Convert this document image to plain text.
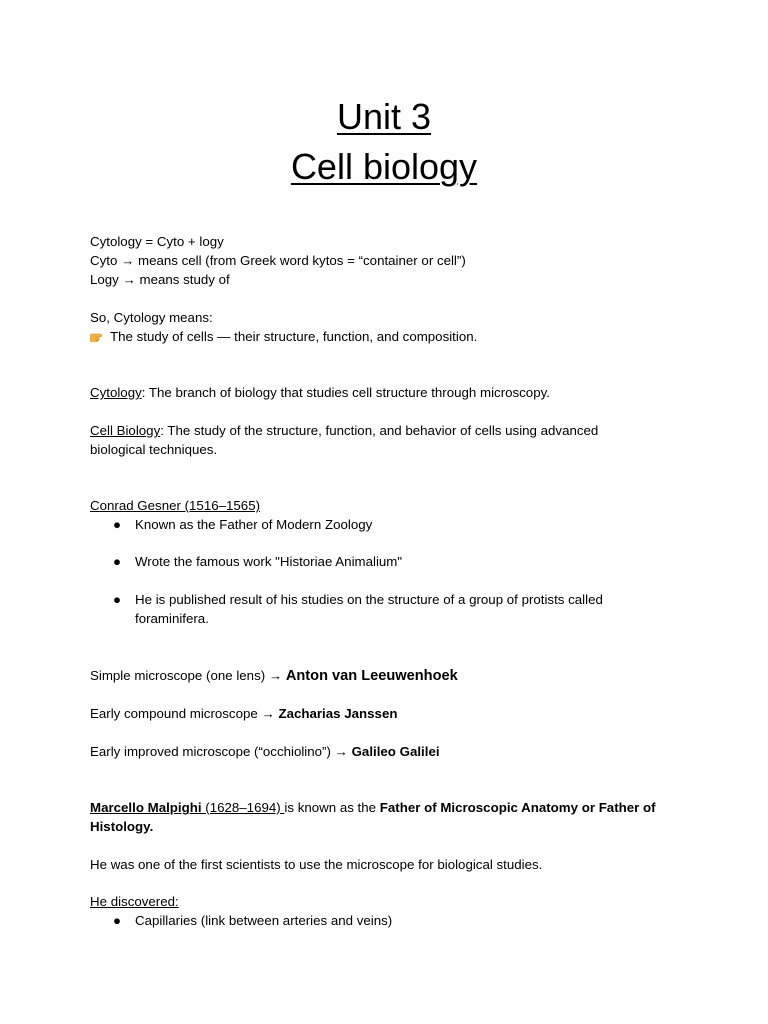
Unit 3
Cell biology
Cytology = Cyto + logy
Cyto → means cell (from Greek word kytos = “container or cell”)
Logy → means study of
So, Cytology means:
The study of cells — their structure, function, and composition.
Cytology: The branch of biology that studies cell structure through microscopy.
Cell Biology: The study of the structure, function, and behavior of cells using advanced biological techniques.
Conrad Gesner (1516–1565)
● Known as the Father of Modern Zoology
● Wrote the famous work "Historiae Animalium"
● He is published result of his studies on the structure of a group of protists called foraminifera.
Simple microscope (one lens) → Anton van Leeuwenhoek
Early compound microscope → Zacharias Janssen
Early improved microscope (“occhiolino”) → Galileo Galilei
Marcello Malpighi (1628–1694) is known as the Father of Microscopic Anatomy or Father of Histology.
He was one of the first scientists to use the microscope for biological studies.
He discovered:
● Capillaries (link between arteries and veins)
